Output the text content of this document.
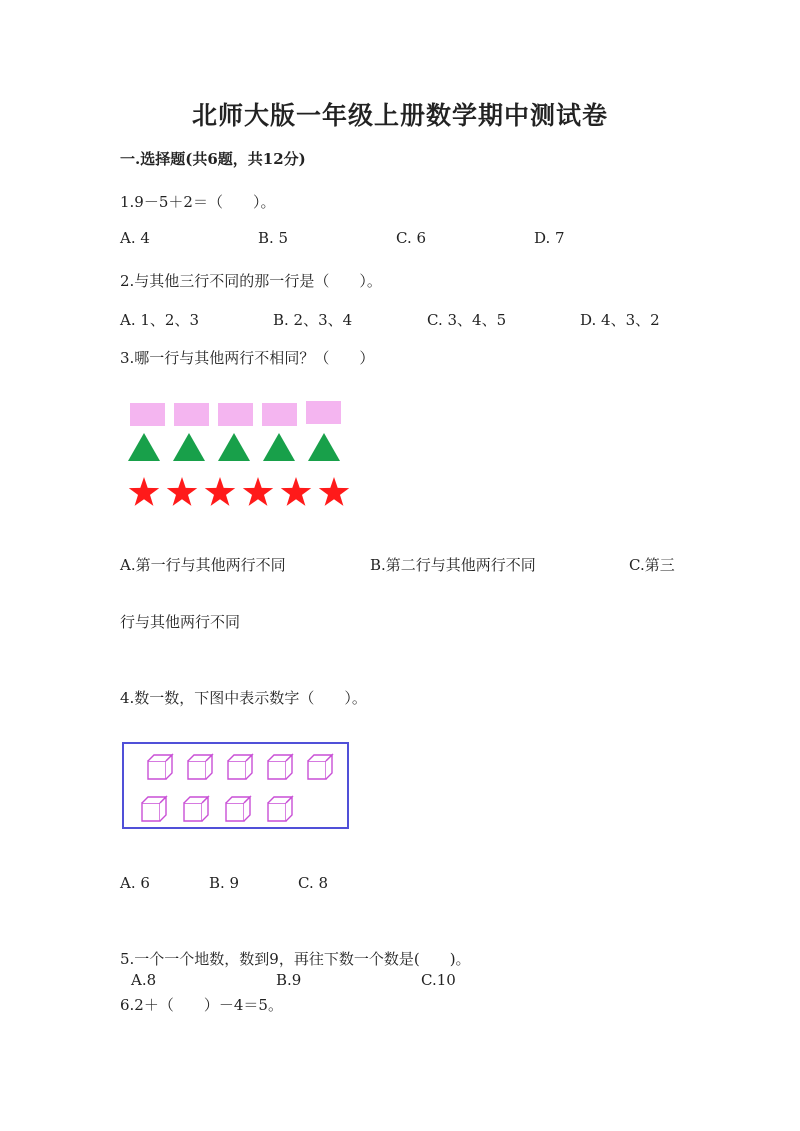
北师大版一年级上册数学期中测试卷
一.选择题(共6题，共12分)
1.9－5＋2＝（　　）。
A. 4	B. 5	C. 6	D. 7
2.与其他三行不同的那一行是（　　）。
A. 1、2、3	B. 2、3、4	C. 3、4、5	D. 4、3、2
3.哪一行与其他两行不相同？（　　）
A.第一行与其他两行不同	B.第二行与其他两行不同	C.第三
行与其他两行不同
4.数一数，下图中表示数字（　　）。
A. 6	B. 9	C. 8
5.一个一个地数，数到9，再往下数一个数是(　　)。
A.8	B.9	C.10
6.2＋（　　）－4＝5。
